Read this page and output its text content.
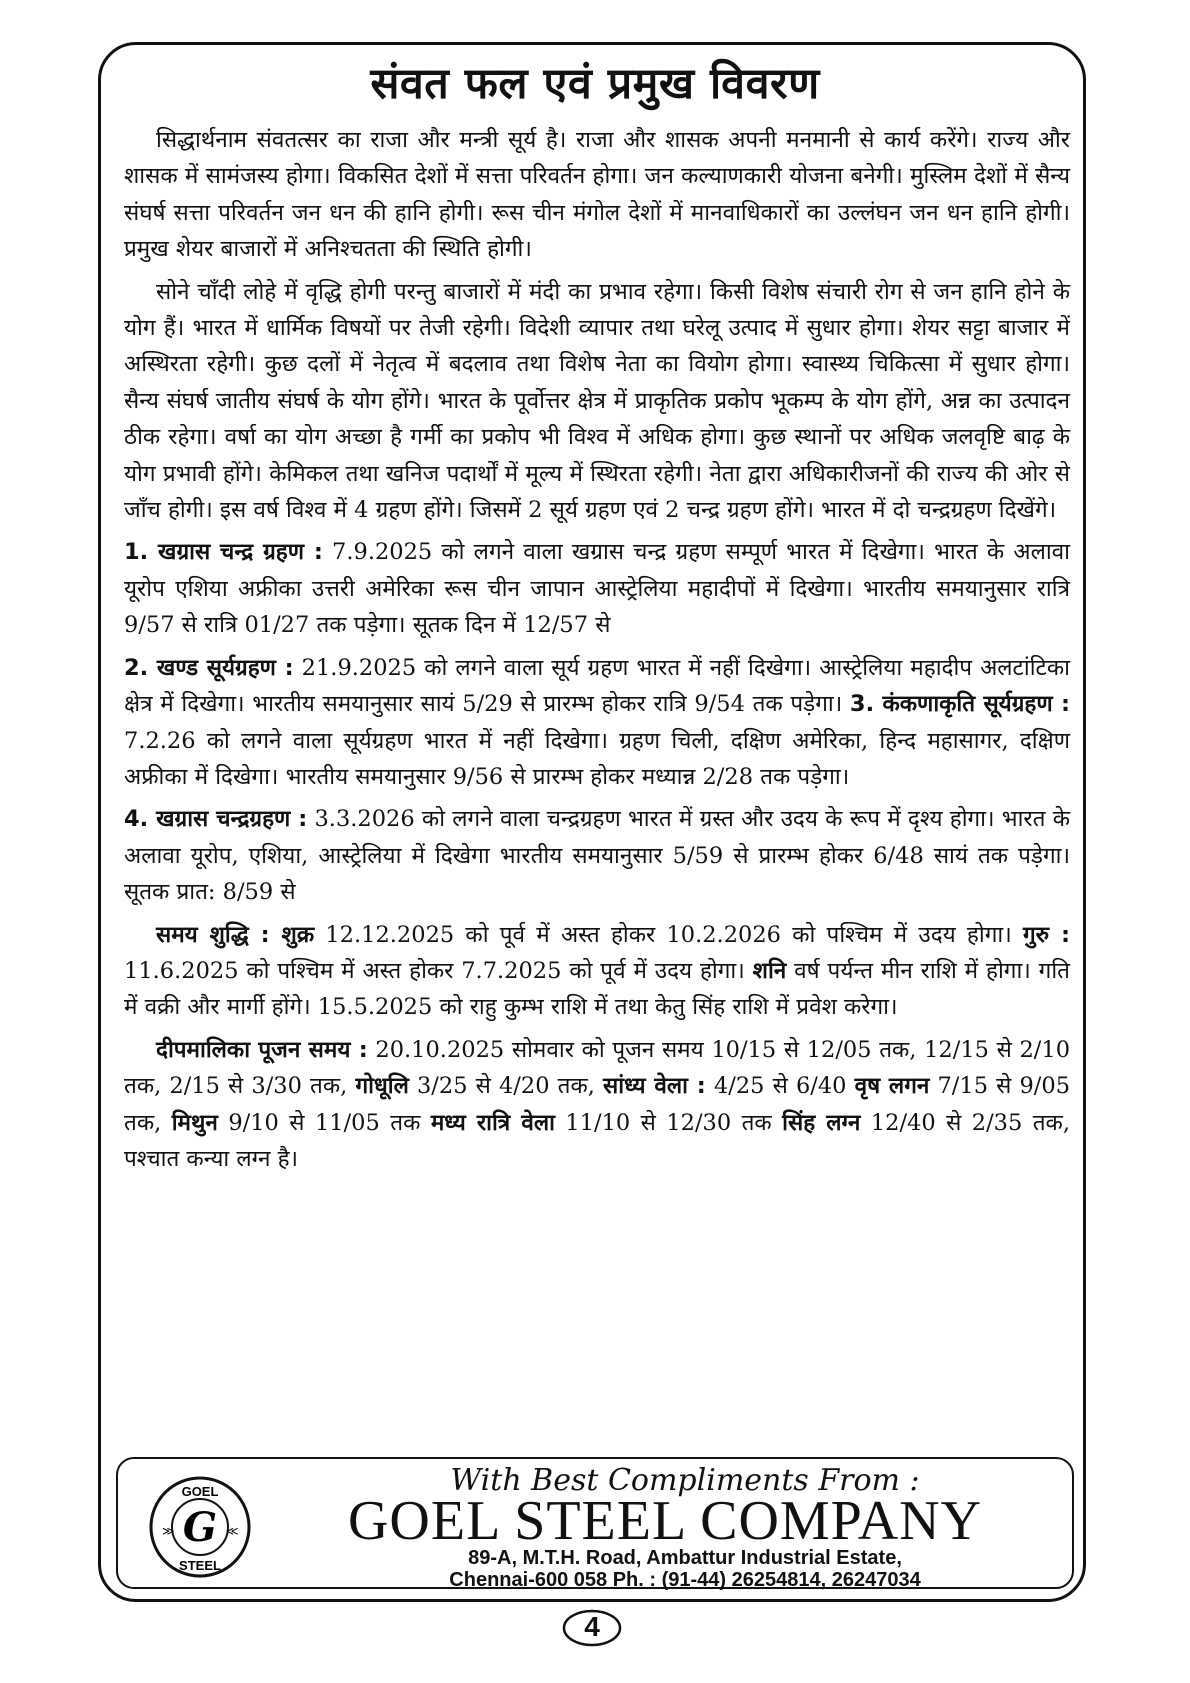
संवत फल एवं प्रमुख विवरण

सिद्धार्थनाम संवतत्सर का राजा और मन्त्री सूर्य है। राजा और शासक अपनी मनमानी से कार्य करेंगे। राज्य और शासक में सामंजस्य होगा। विकसित देशों में सत्ता परिवर्तन होगा। जन कल्याणकारी योजना बनेगी। मुस्लिम देशों में सैन्य संघर्ष सत्ता परिवर्तन जन धन की हानि होगी। रूस चीन मंगोल देशों में मानवाधिकारों का उल्लंघन जन धन हानि होगी। प्रमुख शेयर बाजारों में अनिश्चतता की स्थिति होगी।

सोने चाँदी लोहे में वृद्धि होगी परन्तु बाजारों में मंदी का प्रभाव रहेगा। किसी विशेष संचारी रोग से जन हानि होने के योग हैं। भारत में धार्मिक विषयों पर तेजी रहेगी। विदेशी व्यापार तथा घरेलू उत्पाद में सुधार होगा। शेयर सट्टा बाजार में अस्थिरता रहेगी। कुछ दलों में नेतृत्व में बदलाव तथा विशेष नेता का वियोग होगा। स्वास्थ्य चिकित्सा में सुधार होगा। सैन्य संघर्ष जातीय संघर्ष के योग होंगे। भारत के पूर्वोत्तर क्षेत्र में प्राकृतिक प्रकोप भूकम्प के योग होंगे, अन्न का उत्पादन ठीक रहेगा। वर्षा का योग अच्छा है गर्मी का प्रकोप भी विश्व में अधिक होगा। कुछ स्थानों पर अधिक जलवृष्टि बाढ़ के योग प्रभावी होंगे। केमिकल तथा खनिज पदार्थों में मूल्य में स्थिरता रहेगी। नेता द्वारा अधिकारीजनों की राज्य की ओर से जाँच होगी। इस वर्ष विश्व में 4 ग्रहण होंगे। जिसमें 2 सूर्य ग्रहण एवं 2 चन्द्र ग्रहण होंगे। भारत में दो चन्द्रग्रहण दिखेंगे।

1. खग्रास चन्द्र ग्रहण : 7.9.2025 को लगने वाला खग्रास चन्द्र ग्रहण सम्पूर्ण भारत में दिखेगा। भारत के अलावा यूरोप एशिया अफ्रीका उत्तरी अमेरिका रूस चीन जापान आस्ट्रेलिया महादीपों में दिखेगा। भारतीय समयानुसार रात्रि 9/57 से रात्रि 01/27 तक पड़ेगा। सूतक दिन में 12/57 से

2. खण्ड सूर्यग्रहण : 21.9.2025 को लगने वाला सूर्य ग्रहण भारत में नहीं दिखेगा। आस्ट्रेलिया महादीप अलटांटिका क्षेत्र में दिखेगा। भारतीय समयानुसार सायं 5/29 से प्रारम्भ होकर रात्रि 9/54 तक पड़ेगा। 3. कंकणाकृति सूर्यग्रहण : 7.2.26 को लगने वाला सूर्यग्रहण भारत में नहीं दिखेगा। ग्रहण चिली, दक्षिण अमेरिका, हिन्द महासागर, दक्षिण अफ्रीका में दिखेगा। भारतीय समयानुसार 9/56 से प्रारम्भ होकर मध्यान्न 2/28 तक पड़ेगा।

4. खग्रास चन्द्रग्रहण : 3.3.2026 को लगने वाला चन्द्रग्रहण भारत में ग्रस्त और उदय के रूप में दृश्य होगा। भारत के अलावा यूरोप, एशिया, आस्ट्रेलिया में दिखेगा भारतीय समयानुसार 5/59 से प्रारम्भ होकर 6/48 सायं तक पड़ेगा। सूतक प्रात: 8/59 से

समय शुद्धि : शुक्र 12.12.2025 को पूर्व में अस्त होकर 10.2.2026 को पश्चिम में उदय होगा। गुरु : 11.6.2025 को पश्चिम में अस्त होकर 7.7.2025 को पूर्व में उदय होगा। शनि वर्ष पर्यन्त मीन राशि में होगा। गति में वक्री और मार्गी होंगे। 15.5.2025 को राहु कुम्भ राशि में तथा केतु सिंह राशि में प्रवेश करेगा।

दीपमालिका पूजन समय : 20.10.2025 सोमवार को पूजन समय 10/15 से 12/05 तक, 12/15 से 2/10 तक, 2/15 से 3/30 तक, गोधूलि 3/25 से 4/20 तक, सांध्य वेला : 4/25 से 6/40 वृष लगन 7/15 से 9/05 तक, मिथुन 9/10 से 11/05 तक मध्य रात्रि वेला 11/10 से 12/30 तक सिंह लग्न 12/40 से 2/35 तक, पश्चात कन्या लग्न है।

GOEL
STEEL
G
≫	≪
With Best Compliments From :
GOEL STEEL COMPANY
89-A, M.T.H. Road, Ambattur Industrial Estate,
Chennai-600 058 Ph. : (91-44) 26254814, 26247034
4
